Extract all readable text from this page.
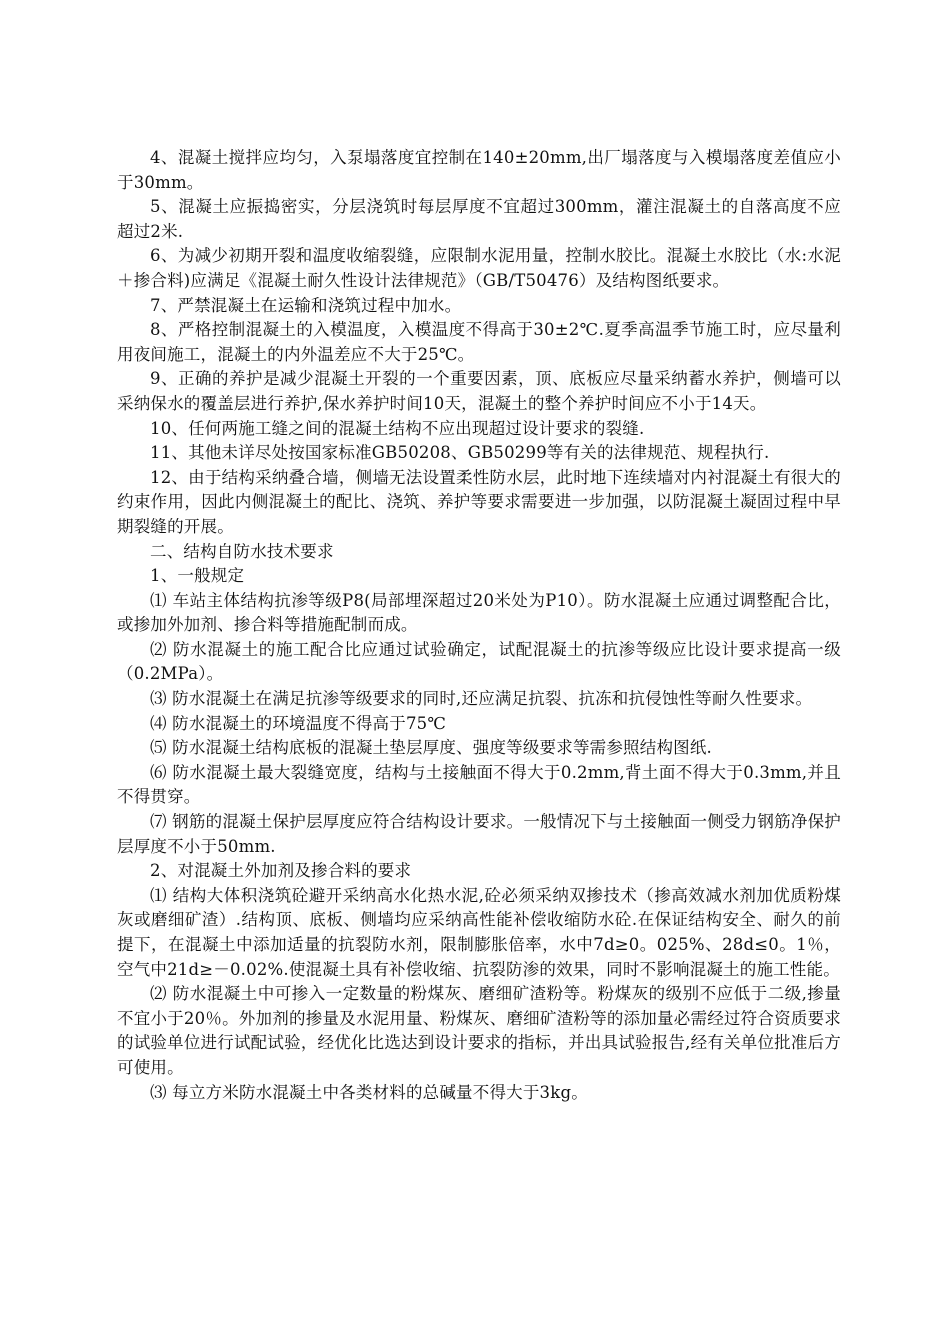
4、混凝土搅拌应均匀，入泵塌落度宜控制在140±20mm,出厂塌落度与入模塌落度差值应小于30mm。

5、混凝土应振捣密实，分层浇筑时每层厚度不宜超过300mm，灌注混凝土的自落高度不应超过2米.

6、为减少初期开裂和温度收缩裂缝，应限制水泥用量，控制水胶比。混凝土水胶比（水:水泥＋掺合料)应满足《混凝土耐久性设计法律规范》（GB/T50476）及结构图纸要求。

7、严禁混凝土在运输和浇筑过程中加水。

8、严格控制混凝土的入模温度，入模温度不得高于30±2℃.夏季高温季节施工时，应尽量利用夜间施工，混凝土的内外温差应不大于25℃。

9、正确的养护是减少混凝土开裂的一个重要因素，顶、底板应尽量采纳蓄水养护，侧墙可以采纳保水的覆盖层进行养护,保水养护时间10天，混凝土的整个养护时间应不小于14天。

10、任何两施工缝之间的混凝土结构不应出现超过设计要求的裂缝.

11、其他未详尽处按国家标准GB50208、GB50299等有关的法律规范、规程执行.

12、由于结构采纳叠合墙，侧墙无法设置柔性防水层，此时地下连续墙对内衬混凝土有很大的约束作用，因此内侧混凝土的配比、浇筑、养护等要求需要进一步加强，以防混凝土凝固过程中早期裂缝的开展。

二、结构自防水技术要求

1、一般规定

⑴ 车站主体结构抗渗等级P8(局部埋深超过20米处为P10）。防水混凝土应通过调整配合比，或掺加外加剂、掺合料等措施配制而成。

⑵ 防水混凝土的施工配合比应通过试验确定，试配混凝土的抗渗等级应比设计要求提高一级（0.2MPa）。

⑶ 防水混凝土在满足抗渗等级要求的同时,还应满足抗裂、抗冻和抗侵蚀性等耐久性要求。

⑷ 防水混凝土的环境温度不得高于75℃

⑸ 防水混凝土结构底板的混凝土垫层厚度、强度等级要求等需参照结构图纸.

⑹ 防水混凝土最大裂缝宽度，结构与土接触面不得大于0.2mm,背土面不得大于0.3mm,并且不得贯穿。

⑺ 钢筋的混凝土保护层厚度应符合结构设计要求。一般情况下与土接触面一侧受力钢筋净保护层厚度不小于50mm.

2、对混凝土外加剂及掺合料的要求

⑴ 结构大体积浇筑砼避开采纳高水化热水泥,砼必须采纳双掺技术（掺高效减水剂加优质粉煤灰或磨细矿渣）.结构顶、底板、侧墙均应采纳高性能补偿收缩防水砼.在保证结构安全、耐久的前提下，在混凝土中添加适量的抗裂防水剂，限制膨胀倍率，水中7d≥0。025%、28d≤0。1％，空气中21d≥－0.02%.使混凝土具有补偿收缩、抗裂防渗的效果，同时不影响混凝土的施工性能。

⑵ 防水混凝土中可掺入一定数量的粉煤灰、磨细矿渣粉等。粉煤灰的级别不应低于二级,掺量不宜小于20％。外加剂的掺量及水泥用量、粉煤灰、磨细矿渣粉等的添加量必需经过符合资质要求的试验单位进行试配试验，经优化比选达到设计要求的指标，并出具试验报告,经有关单位批准后方可使用。

⑶ 每立方米防水混凝土中各类材料的总碱量不得大于3kg。
